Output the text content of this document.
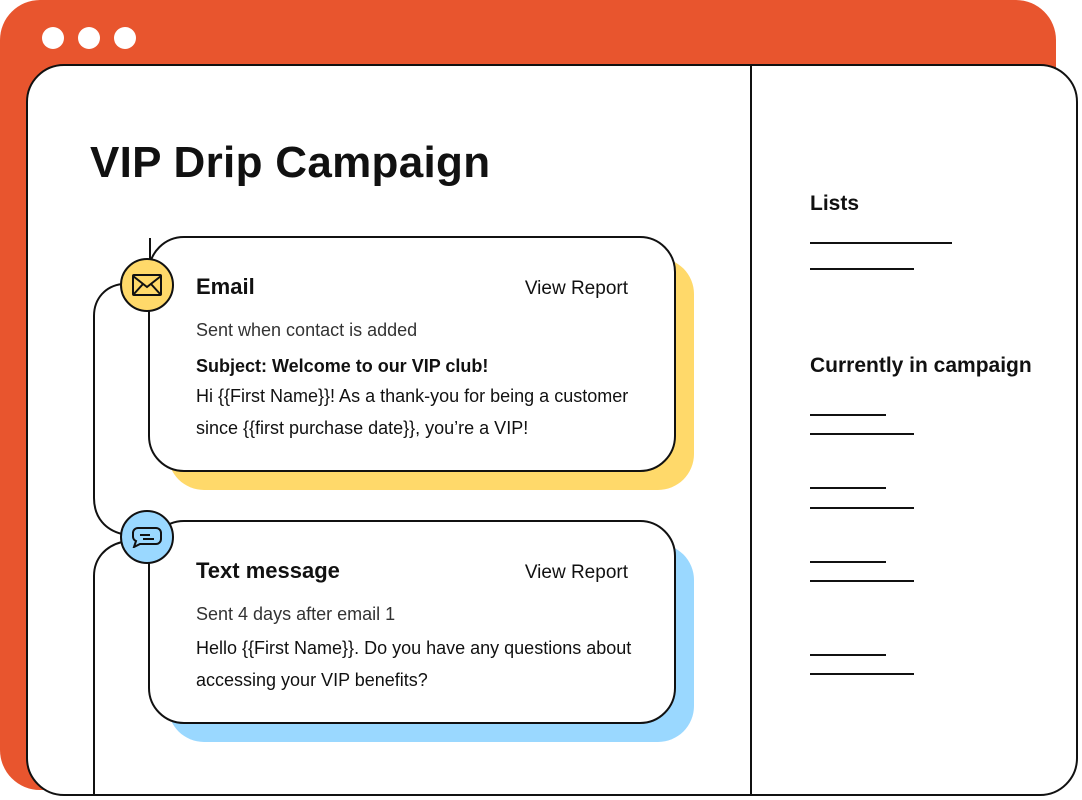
VIP Drip Campaign
Email	View Report
Sent when contact is added
Subject: Welcome to our VIP club!
Hi {{First Name}}! As a thank-you for being a customer since {{first purchase date}}, you’re a VIP!
Text message	View Report
Sent 4 days after email 1
Hello {{First Name}}. Do you have any questions about accessing your VIP benefits?
Lists
Currently in campaign
